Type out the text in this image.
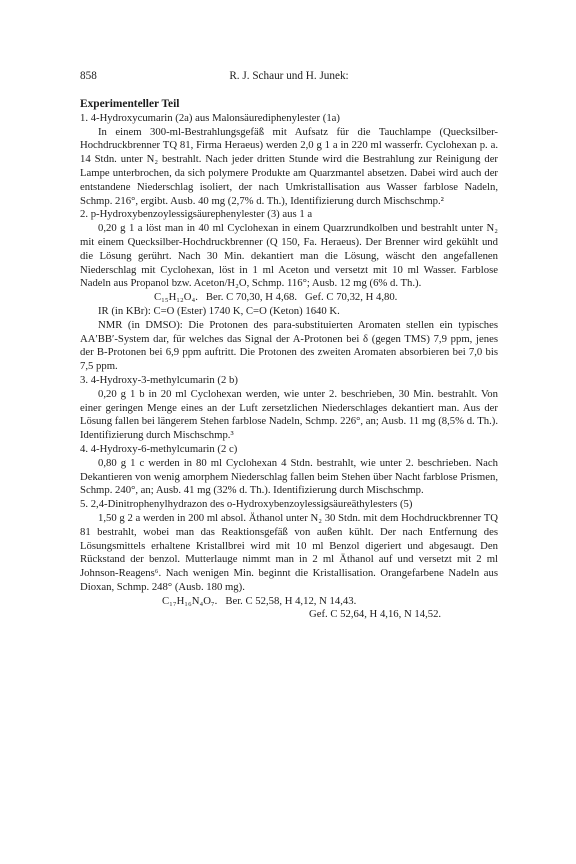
858	R. J. Schaur und H. Junek:

Experimenteller Teil

1. 4-Hydroxycumarin (2a) aus Malonsäurediphenylester (1a)

In einem 300-ml-Bestrahlungsgefäß mit Aufsatz für die Tauchlampe (Quecksilber-Hochdruckbrenner TQ 81, Firma Heraeus) werden 2,0 g 1 a in 220 ml wasserfr. Cyclohexan p. a. 14 Stdn. unter N₂ bestrahlt. Nach jeder dritten Stunde wird die Bestrahlung zur Reinigung der Lampe unterbrochen, da sich polymere Produkte am Quarzmantel absetzen. Dabei wird auch der entstandene Niederschlag isoliert, der nach Umkristallisation aus Wasser farblose Nadeln, Schmp. 216°, ergibt. Ausb. 40 mg (2,7% d. Th.), Identifizierung durch Mischschmp.²

2. p-Hydroxybenzoylessigsäurephenylester (3) aus 1 a

0,20 g 1 a löst man in 40 ml Cyclohexan in einem Quarzrundkolben und bestrahlt unter N₂ mit einem Quecksilber-Hochdruckbrenner (Q 150, Fa. Heraeus). Der Brenner wird gekühlt und die Lösung gerührt. Nach 30 Min. dekantiert man die Lösung, wäscht den angefallenen Niederschlag mit Cyclohexan, löst in 1 ml Aceton und versetzt mit 10 ml Wasser. Farblose Nadeln aus Propanol bzw. Aceton/H₂O, Schmp. 116°; Ausb. 12 mg (6% d. Th.).

C₁₅H₁₂O₄.   Ber. C 70,30, H 4,68.   Gef. C 70,32, H 4,80.

IR (in KBr): C=O (Ester) 1740 K, C=O (Keton) 1640 K.

NMR (in DMSO): Die Protonen des para-substituierten Aromaten stellen ein typisches AA′BB′-System dar, für welches das Signal der A-Protonen bei δ (gegen TMS) 7,9 ppm, jenes der B-Protonen bei 6,9 ppm auftritt. Die Protonen des zweiten Aromaten absorbieren bei 7,0 bis 7,5 ppm.

3. 4-Hydroxy-3-methylcumarin (2 b)

0,20 g 1 b in 20 ml Cyclohexan werden, wie unter 2. beschrieben, 30 Min. bestrahlt. Von einer geringen Menge eines an der Luft zersetzlichen Niederschlages dekantiert man. Aus der Lösung fallen bei längerem Stehen farblose Nadeln, Schmp. 226°, an; Ausb. 11 mg (8,5% d. Th.). Identifizierung durch Mischschmp.³

4. 4-Hydroxy-6-methylcumarin (2 c)

0,80 g 1 c werden in 80 ml Cyclohexan 4 Stdn. bestrahlt, wie unter 2. beschrieben. Nach Dekantieren von wenig amorphem Niederschlag fallen beim Stehen über Nacht farblose Prismen, Schmp. 240°, an; Ausb. 41 mg (32% d. Th.). Identifizierung durch Mischschmp.

5. 2,4-Dinitrophenylhydrazon des o-Hydroxybenzoylessigsäureäthylesters (5)

1,50 g 2 a werden in 200 ml absol. Äthanol unter N₂ 30 Stdn. mit dem Hochdruckbrenner TQ 81 bestrahlt, wobei man das Reaktionsgefäß von außen kühlt. Der nach Entfernung des Lösungsmittels erhaltene Kristallbrei wird mit 10 ml Benzol digeriert und abgesaugt. Den Rückstand der benzol. Mutterlauge nimmt man in 2 ml Äthanol auf und versetzt mit 2 ml Johnson-Reagens⁶. Nach wenigen Min. beginnt die Kristallisation. Orangefarbene Nadeln aus Dioxan, Schmp. 248° (Ausb. 180 mg).

C₁₇H₁₆N₄O₇.   Ber. C 52,58, H 4,12, N 14,43.

Gef. C 52,64, H 4,16, N 14,52.
